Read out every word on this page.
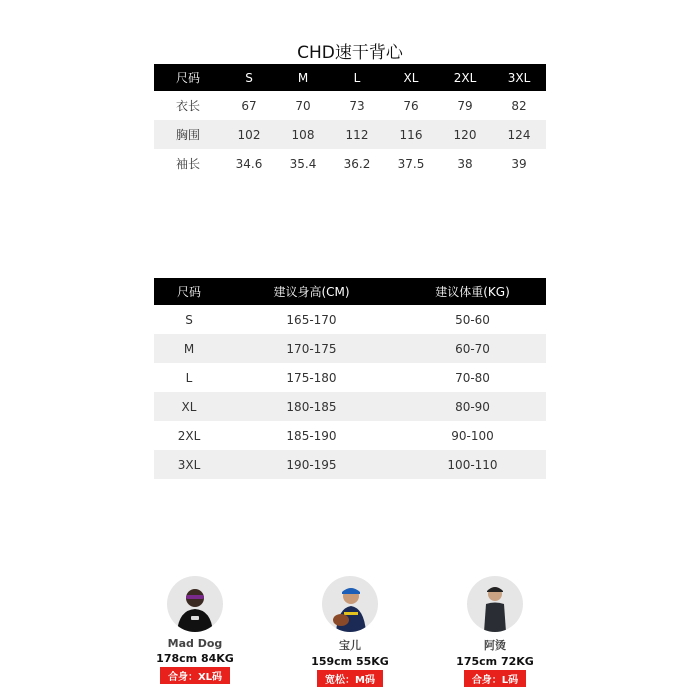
CHD速干背心
尺码	S	M	L	XL	2XL	3XL
衣长	67	70	73	76	79	82
胸围	102	108	112	116	120	124
袖长	34.6	35.4	36.2	37.5	38	39
尺码	建议身高(CM)	建议体重(KG)
S	165-170	50-60
M	170-175	60-70
L	175-180	70-80
XL	180-185	80-90
2XL	185-190	90-100
3XL	190-195	100-110
Mad Dog
178cm 84KG
合身：XL码
宝儿
159cm 55KG
宽松：M码
阿烫
175cm 72KG
合身：L码
